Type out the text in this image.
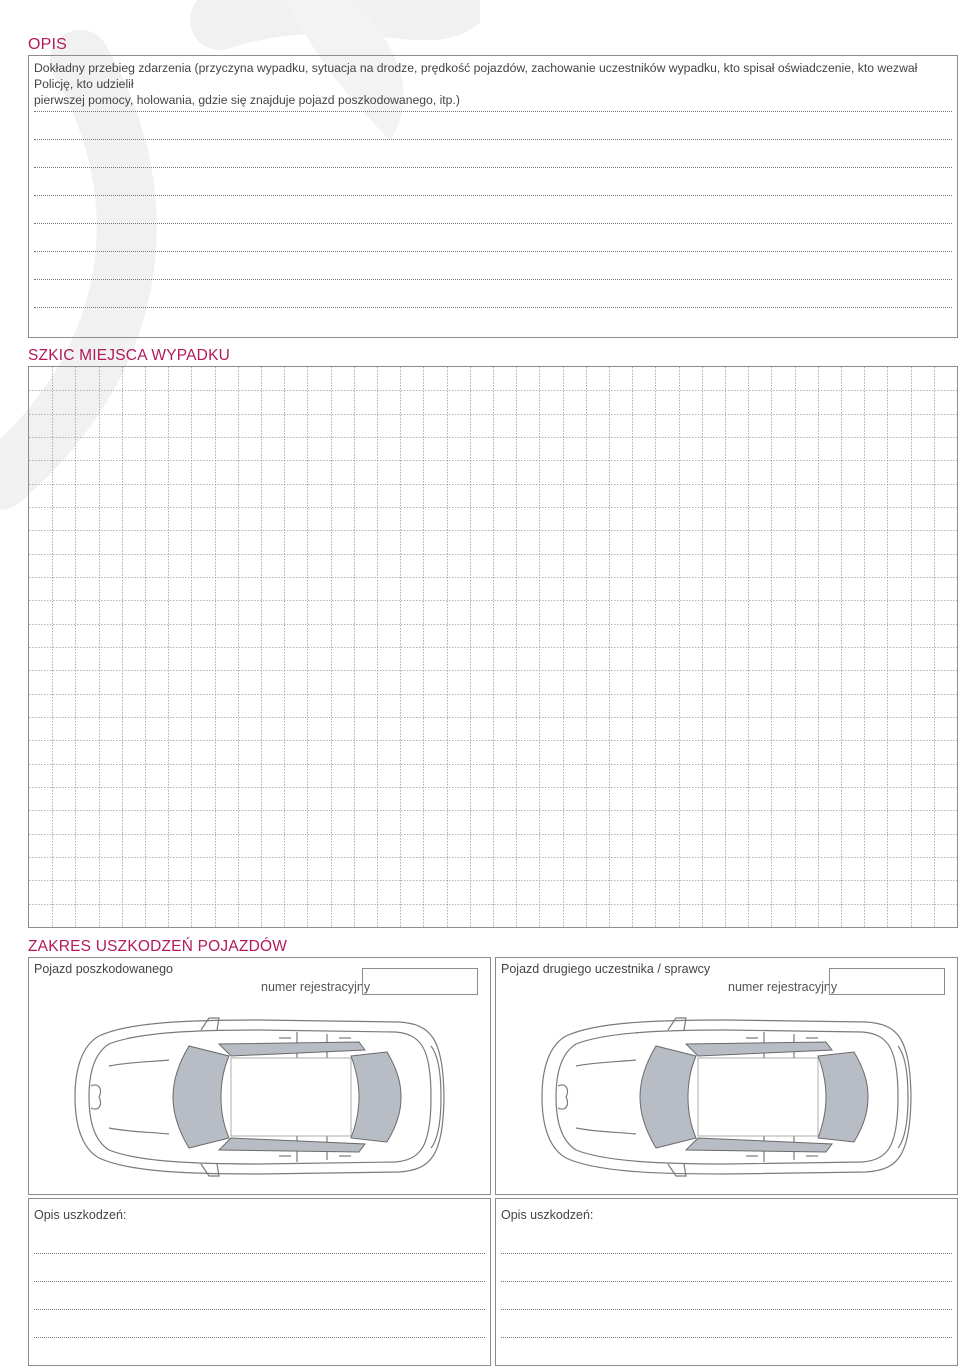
OPIS
Dokładny przebieg zdarzenia (przyczyna wypadku, sytuacja na drodze, prędkość pojazdów, zachowanie uczestników wypadku, kto spisał oświadczenie, kto wezwał Policję, kto udzielił
pierwszej pomocy, holowania, gdzie się znajduje pojazd poszkodowanego, itp.)
SZKIC MIEJSCA WYPADKU
ZAKRES USZKODZEŃ POJAZDÓW
Pojazd poszkodowanego
numer rejestracyjny
Pojazd drugiego uczestnika / sprawcy
numer rejestracyjny
Opis uszkodzeń:	Opis uszkodzeń:
